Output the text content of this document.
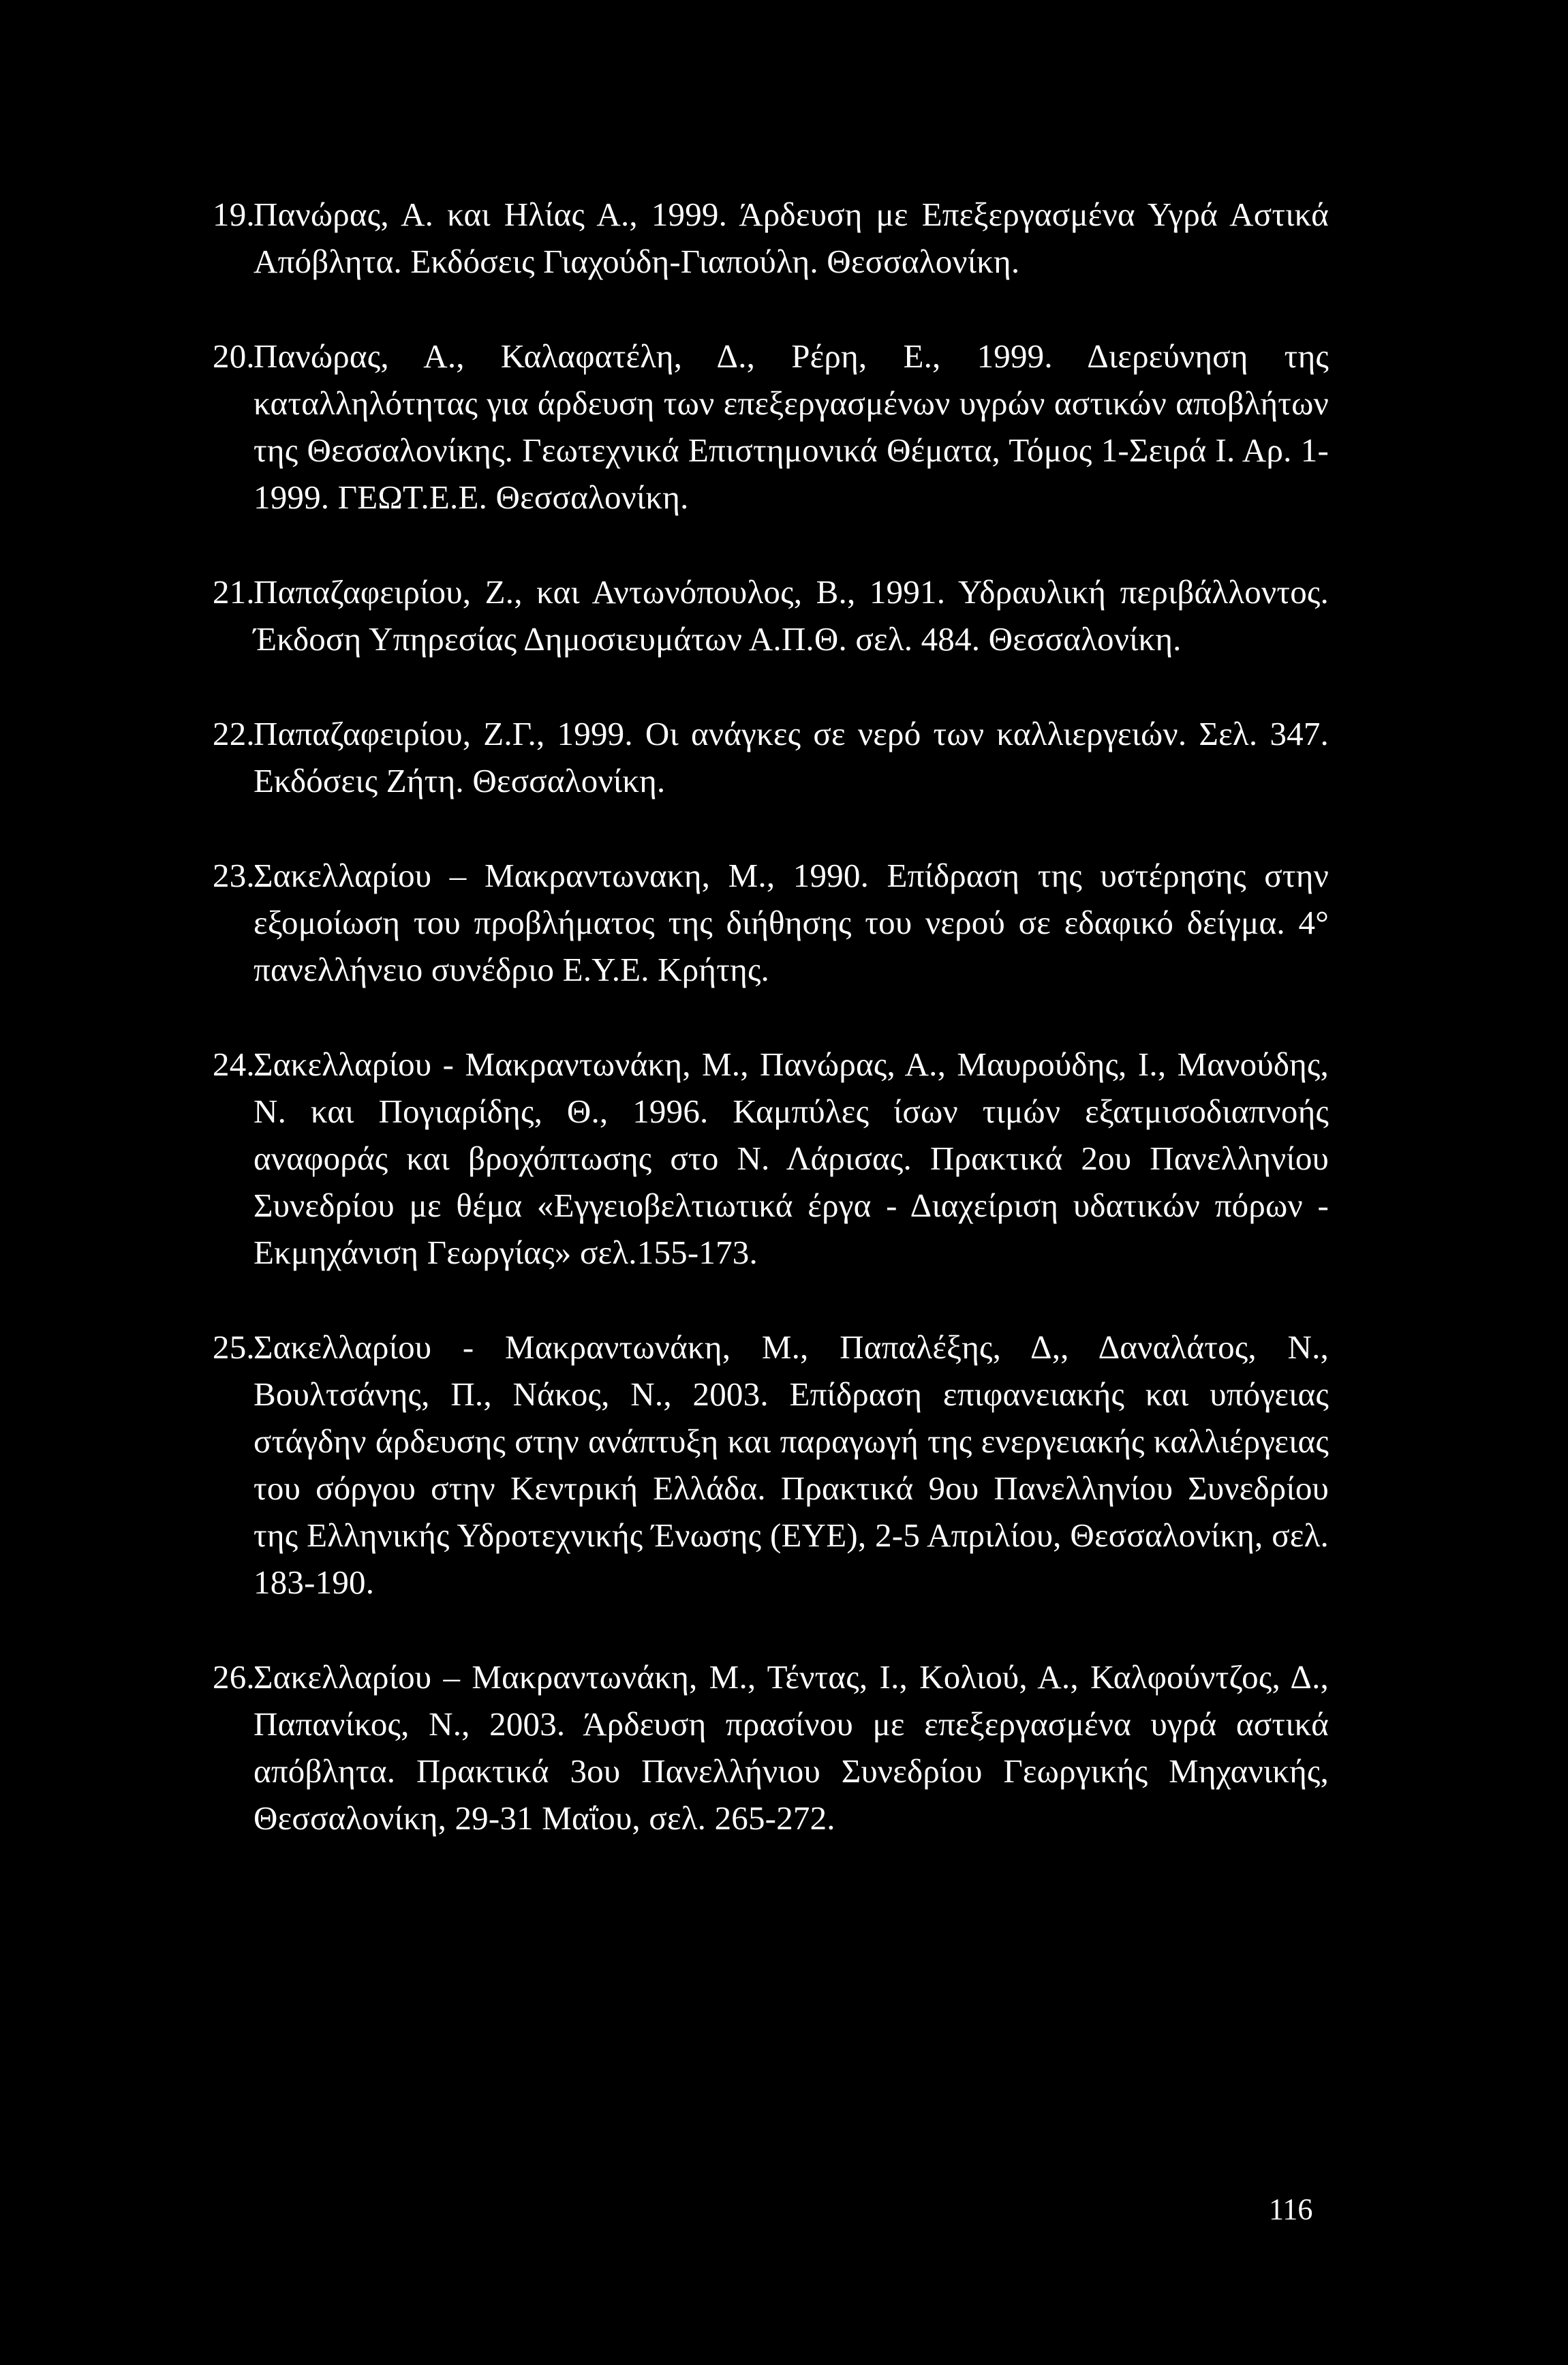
19.
Πανώρας, Α. και Ηλίας Α., 1999. Άρδευση με Επεξεργασμένα Υγρά Αστικά Απόβλητα. Εκδόσεις Γιαχούδη-Γιαπούλη. Θεσσαλονίκη.
20.
Πανώρας, Α., Καλαφατέλη, Δ., Ρέρη, Ε., 1999. Διερεύνηση της καταλληλότητας για άρδευση των επεξεργασμένων υγρών αστικών αποβλήτων της Θεσσαλονίκης. Γεωτεχνικά Επιστημονικά Θέματα, Τόμος 1-Σειρά Ι. Αρ. 1-1999. ΓΕΩΤ.Ε.Ε. Θεσσαλονίκη.
21.
Παπαζαφειρίου, Ζ., και Αντωνόπουλος, Β., 1991. Υδραυλική περιβάλλοντος. Έκδοση Υπηρεσίας Δημοσιευμάτων Α.Π.Θ. σελ. 484. Θεσσαλονίκη.
22.
Παπαζαφειρίου, Ζ.Γ., 1999. Οι ανάγκες σε νερό των καλλιεργειών. Σελ. 347. Εκδόσεις Ζήτη. Θεσσαλονίκη.
23.
Σακελλαρίου – Μακραντωνακη, Μ., 1990. Επίδραση της υστέρησης στην εξομοίωση του προβλήματος της διήθησης του νερού σε εδαφικό δείγμα. 4° πανελλήνειο συνέδριο Ε.Υ.Ε. Κρήτης.
24.
Σακελλαρίου - Μακραντωνάκη, Μ., Πανώρας, Α., Μαυρούδης, Ι., Μανούδης, Ν. και Πογιαρίδης, Θ., 1996. Καμπύλες ίσων τιμών εξατμισοδιαπνοής αναφοράς και βροχόπτωσης στο Ν. Λάρισας. Πρακτικά 2ου Πανελληνίου Συνεδρίου με θέμα «Εγγειοβελτιωτικά έργα - Διαχείριση υδατικών πόρων - Εκμηχάνιση Γεωργίας» σελ.155-173.
25.
Σακελλαρίου - Μακραντωνάκη, Μ., Παπαλέξης, Δ,, Δαναλάτος, Ν., Βουλτσάνης, Π., Νάκος, Ν., 2003. Επίδραση επιφανειακής και υπόγειας στάγδην άρδευσης στην ανάπτυξη και παραγωγή της ενεργειακής καλλιέργειας του σόργου στην Κεντρική Ελλάδα. Πρακτικά 9ου Πανελληνίου Συνεδρίου της Ελληνικής Υδροτεχνικής Ένωσης (ΕΥΕ), 2-5 Απριλίου, Θεσσαλονίκη, σελ. 183-190.
26.
Σακελλαρίου – Μακραντωνάκη, Μ., Τέντας, Ι., Κολιού, Α., Καλφούντζος, Δ., Παπανίκος, Ν., 2003. Άρδευση πρασίνου με επεξεργασμένα υγρά αστικά απόβλητα. Πρακτικά 3ου Πανελλήνιου Συνεδρίου Γεωργικής Μηχανικής, Θεσσαλονίκη, 29-31 Μαΐου, σελ. 265-272.
116
